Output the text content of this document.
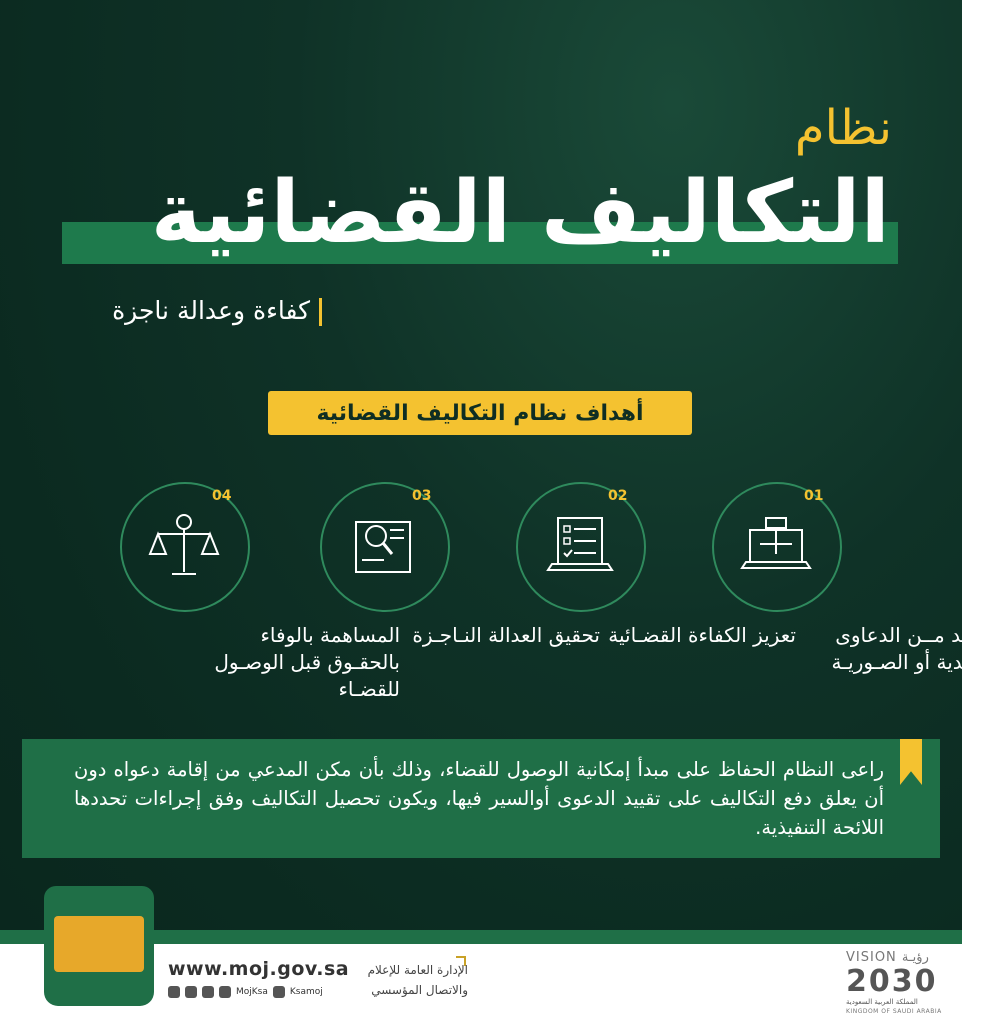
نظام
التكاليف القضائية
كفاءة وعدالة ناجزة
أهداف نظام التكاليف القضائية
01
الحـد مــن الدعاوى الكيدية أو الصـوريـة
02
تعزيز الكفاءة القضـائية
03
تحقيق العدالة النـاجـزة
04
المساهمة بالوفاء بالحقـوق قبل الوصـول للقضـاء
راعى النظام الحفاظ على مبدأ إمكانية الوصول للقضاء، وذلك بأن مكن المدعي من إقامة دعواه دون أن يعلق دفع التكاليف على تقييد الدعوى أوالسير فيها، ويكون تحصيل التكاليف وفق إجراءات تحددها اللائحة التنفيذية.
www.moj.gov.sa
MojKsa Ksamoj
الإدارة العامة للإعلام والاتصال المؤسسي
VISION رؤيـة
2030
المملكة العربية السعودية
KINGDOM OF SAUDI ARABIA
